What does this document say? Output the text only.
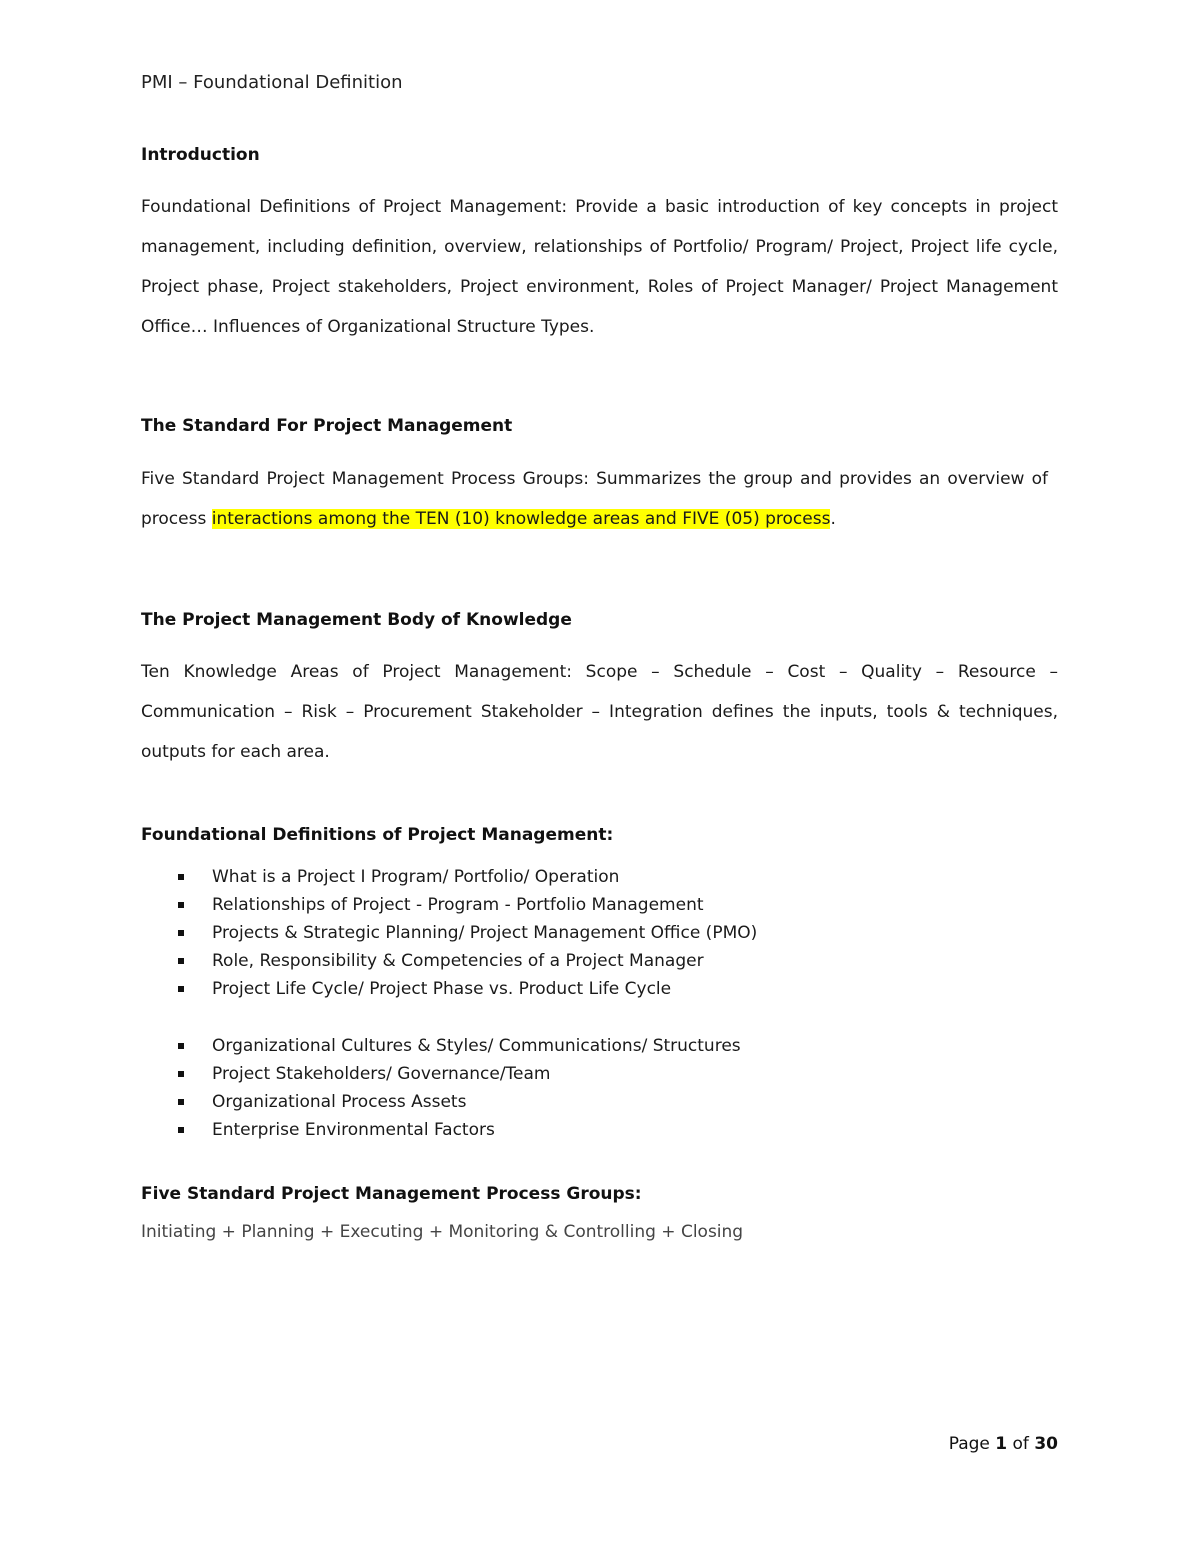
PMI – Foundational Definition
Introduction
Foundational Definitions of Project Management: Provide a basic introduction of key concepts in project management, including definition, overview, relationships of Portfolio/ Program/ Project, Project life cycle, Project phase, Project stakeholders, Project environment, Roles of Project Manager/ Project Management Office… Influences of Organizational Structure Types.
The Standard For Project Management
Five Standard Project Management Process Groups: Summarizes the group and provides an overview of process interactions among the TEN (10) knowledge areas and FIVE (05) process.
The Project Management Body of Knowledge
Ten Knowledge Areas of Project Management: Scope – Schedule – Cost – Quality – Resource – Communication – Risk – Procurement Stakeholder – Integration defines the inputs, tools & techniques, outputs for each area.
Foundational Definitions of Project Management:
What is a Project I Program/ Portfolio/ Operation
Relationships of Project - Program - Portfolio Management
Projects & Strategic Planning/ Project Management Office (PMO)
Role, Responsibility & Competencies of a Project Manager
Project Life Cycle/ Project Phase vs. Product Life Cycle
Organizational Cultures & Styles/ Communications/ Structures
Project Stakeholders/ Governance/Team
Organizational Process Assets
Enterprise Environmental Factors
Five Standard Project Management Process Groups:
Initiating + Planning + Executing + Monitoring & Controlling + Closing
Page 1 of 30
